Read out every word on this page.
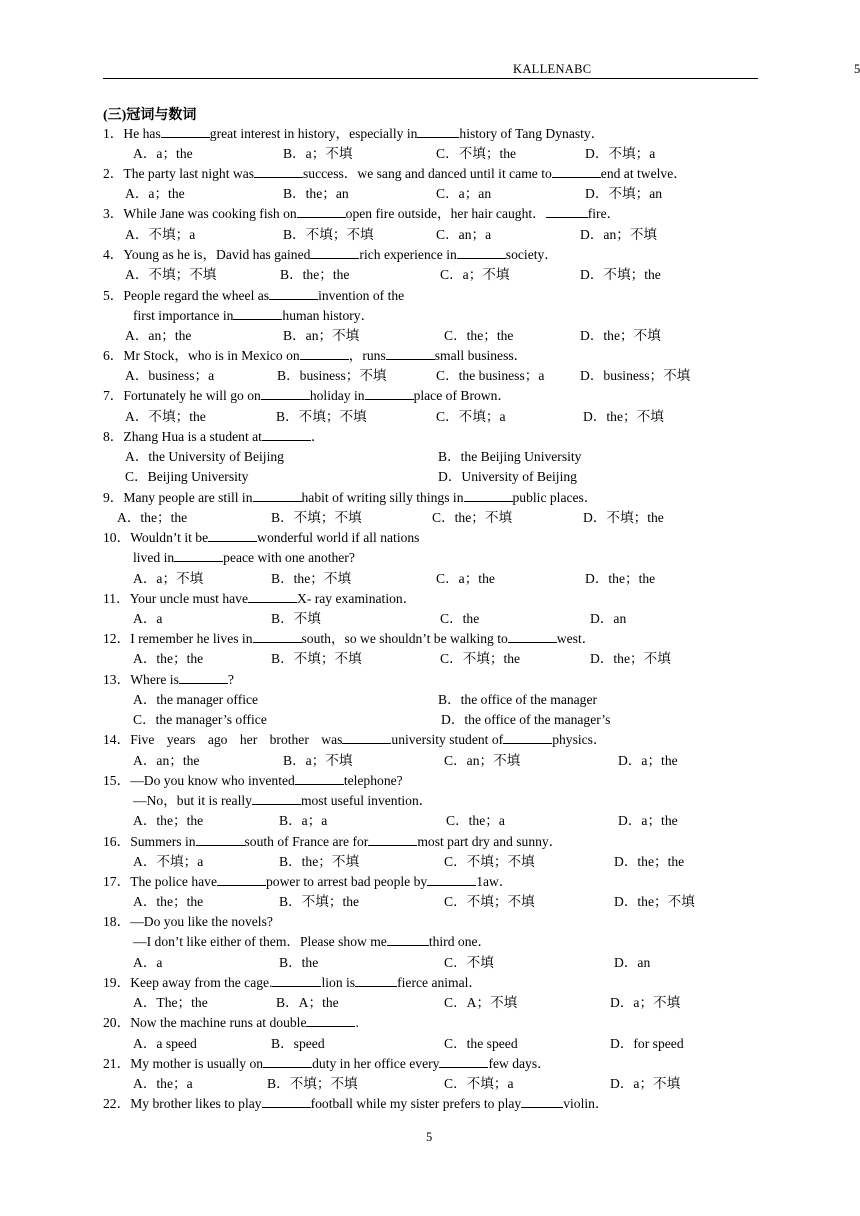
KALLENABC	5
(三)冠词与数词
1．He has	great interest in history，especially in	history of Tang Dynasty．
A．a；the	B．a；不填	C．不填；the	D．不填；a
2．The party last night was	success．we sang and danced until it came to	end at twelve．
A．a；the	B．the；an	C．a；an	D．不填；an
3．While Jane was cooking fish on	open fire outside，her hair caught．	fire．
A．不填；a	B．不填；不填	C．an；a	D．an；不填
4．Young as he is，David has gained	rich experience in	society．
A．不填；不填	B．the；the	C．a；不填	D．不填；the
5．People regard the wheel as	invention of the
first importance in	human history．
A．an；the	B．an；不填	C．the；the	D．the；不填
6．Mr Stock，who is in Mexico on	，runs	small business．
A．business；a	B．business；不填	C．the business；a	D．business；不填
7．Fortunately he will go on	holiday in	place of Brown．
A．不填；the	B．不填；不填	C．不填；a	D．the；不填
8．Zhang Hua is a student at	．
A．the University of Beijing	B．the Beijing University
C．Beijing University	D．University of Beijing
9．Many people are still in	habit of writing silly things in	public places．
A．the；the	B．不填；不填	C．the；不填	D．不填；the
10．Wouldn’t it be	wonderful world if all nations
lived in	peace with one another?
A．a；不填	B．the；不填	C．a；the	D．the；the
11．Your uncle must have	X- ray examination．
A．a	B．不填	C．the	D．an
12．I remember he lives in	south，so we shouldn’t be walking to	west．
A．the；the	B．不填；不填	C．不填；the	D．the；不填
13．Where is	?
A．the manager office	B．the office of the manager
C．the manager’s office	D．the office of the manager’s
14．Five years ago her brother was	university student of	physics．
A．an；the	B．a；不填	C．an；不填	D．a；the
15．—Do you know who invented	telephone?
—No，but it is really	most useful invention．
A．the；the	B．a；a	C．the；a	D．a；the
16．Summers in	south of France are for	most part dry and sunny．
A．不填；a	B．the；不填	C．不填；不填	D．the；the
17．The police have	power to arrest bad people by	1aw．
A．the；the	B．不填；the	C．不填；不填	D．the；不填
18．—Do you like the novels?
—I don’t like either of them．Please show me	third one．
A．a	B．the	C．不填	D．an
19．Keep away from the cage.	lion is	fierce animal．
A．The；the	B．A；the	C．A；不填	D．a；不填
20．Now the machine runs at double	.
A．a speed	B．speed	C．the speed	D．for speed
21．My mother is usually on	duty in her office every	few days．
A．the；a	B．不填；不填	C．不填；a	D．a；不填
22．My brother likes to play	football while my sister prefers to play	violin．
5
